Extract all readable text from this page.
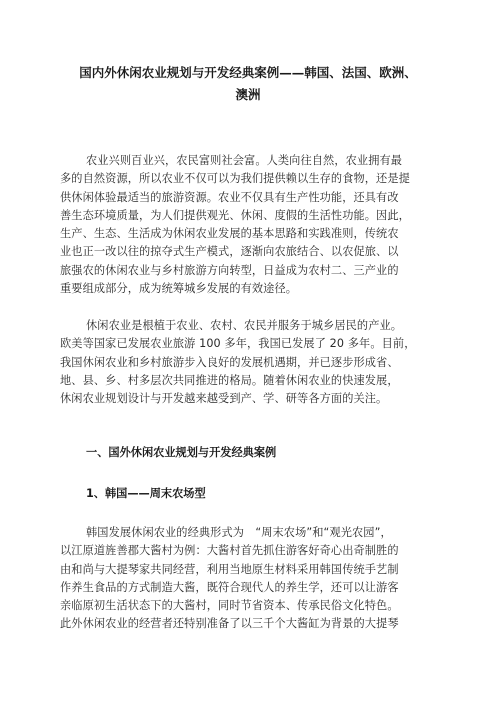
国内外休闲农业规划与开发经典案例——韩国、法国、欧洲、
澳洲
农业兴则百业兴，农民富则社会富。人类向往自然，农业拥有最
多的自然资源，所以农业不仅可以为我们提供赖以生存的食物，还是提
供休闲体验最适当的旅游资源。农业不仅具有生产性功能，还具有改
善生态环境质量，为人们提供观光、休闲、度假的生活性功能。因此，
生产、生态、生活成为休闲农业发展的基本思路和实践准则，传统农
业也正一改以往的掠夺式生产模式，逐渐向农旅结合、以农促旅、以
旅强农的休闲农业与乡村旅游方向转型，日益成为农村二、三产业的
重要组成部分，成为统筹城乡发展的有效途径。
休闲农业是根植于农业、农村、农民并服务于城乡居民的产业。
欧美等国家已发展农业旅游 100 多年，我国已发展了 20 多年。目前，
我国休闲农业和乡村旅游步入良好的发展机遇期，并已逐步形成省、
地、县、乡、村多层次共同推进的格局。随着休闲农业的快速发展，
休闲农业规划设计与开发越来越受到产、学、研等各方面的关注。
一、国外休闲农业规划与开发经典案例
1、韩国——周末农场型
韩国发展休闲农业的经典形式为　“周末农场”和“观光农园”，
以江原道旌善郡大酱村为例：大酱村首先抓住游客好奇心出奇制胜的
由和尚与大提琴家共同经营，利用当地原生材料采用韩国传统手艺制
作养生食品的方式制造大酱，既符合现代人的养生学，还可以让游客
亲临原初生活状态下的大酱村，同时节省资本、传承民俗文化特色。
此外休闲农业的经营者还特别准备了以三千个大酱缸为背景的大提琴
